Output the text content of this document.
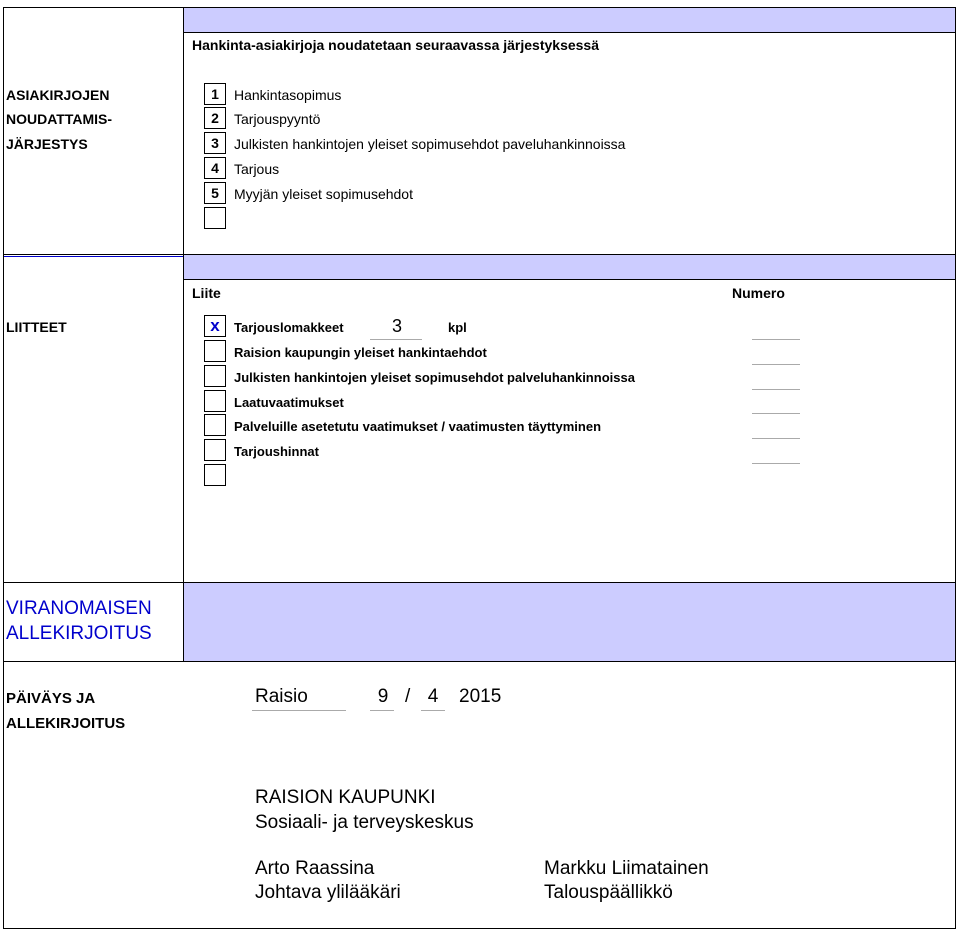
Hankinta-asiakirjoja noudatetaan seuraavassa järjestyksessä
ASIAKIRJOJEN
NOUDATTAMIS-
JÄRJESTYS
1	Hankintasopimus
2	Tarjouspyyntö
3	Julkisten hankintojen yleiset sopimusehdot paveluhankinnoissa
4	Tarjous
5	Myyjän yleiset sopimusehdot
Liite	Numero
LIITTEET	x	Tarjouslomakkeet	3	kpl
Raision kaupungin yleiset hankintaehdot
Julkisten hankintojen yleiset sopimusehdot palveluhankinnoissa
Laatuvaatimukset
Palveluille asetetutu vaatimukset / vaatimusten täyttyminen
Tarjoushinnat
VIRANOMAISEN
ALLEKIRJOITUS
PÄIVÄYS JA
ALLEKIRJOITUS
Raisio	9 / 4	2015
RAISION KAUPUNKI
Sosiaali- ja terveyskeskus
Arto Raassina
Johtava ylilääkäri
Markku Liimatainen
Talouspäällikkö
